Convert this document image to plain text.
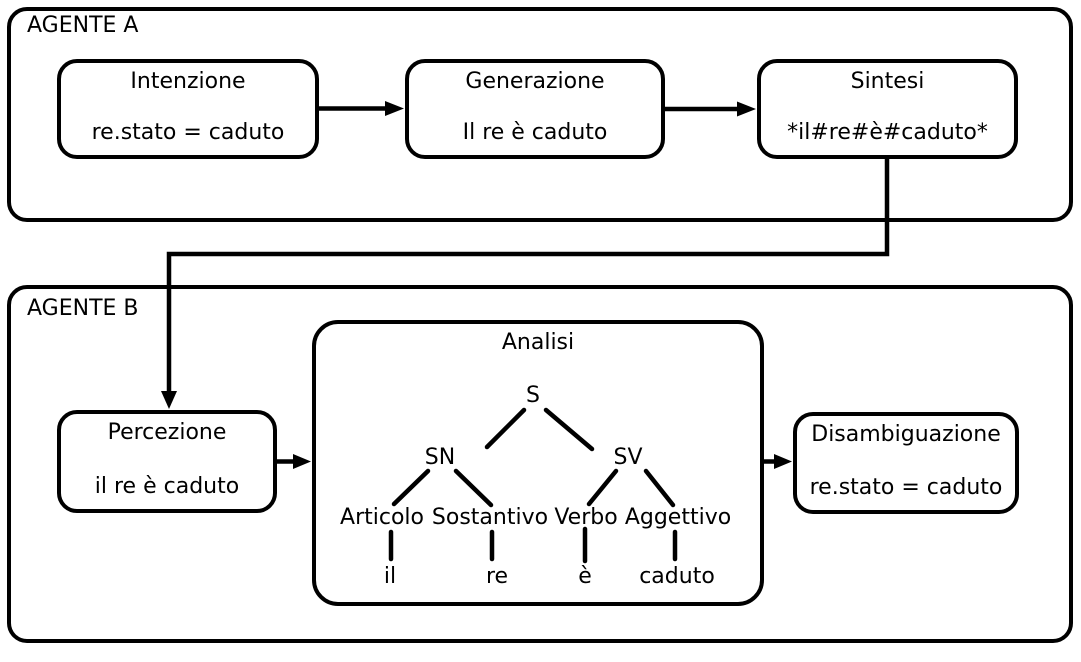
AGENTE A
AGENTE B
Intenzione
re.stato = caduto
Generazione
Il re è caduto
Sintesi
*il#re#è#caduto*
Percezione
il re è caduto
Analisi
Disambiguazione
re.stato = caduto
S
SN	SV
Articolo Sostantivo Verbo Aggettivo
il	re	è caduto
